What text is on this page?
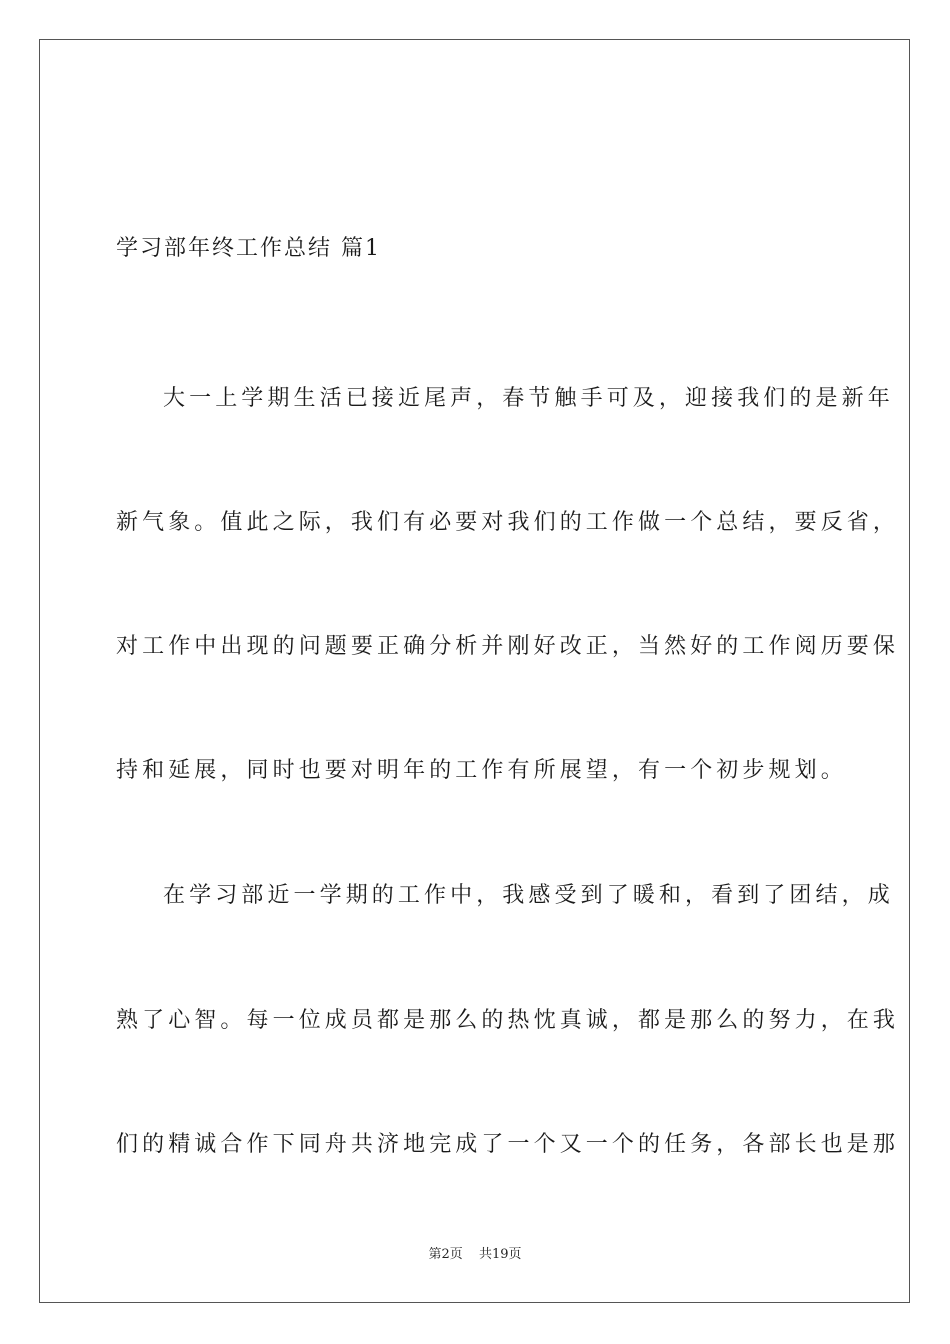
学习部年终工作总结 篇1
大一上学期生活已接近尾声，春节触手可及，迎接我们的是新年
新气象。值此之际，我们有必要对我们的工作做一个总结，要反省，
对工作中出现的问题要正确分析并刚好改正，当然好的工作阅历要保
持和延展，同时也要对明年的工作有所展望，有一个初步规划。
在学习部近一学期的工作中，我感受到了暖和，看到了团结，成
熟了心智。每一位成员都是那么的热忱真诚，都是那么的努力，在我
们的精诚合作下同舟共济地完成了一个又一个的任务，各部长也是那
第2页 共19页
